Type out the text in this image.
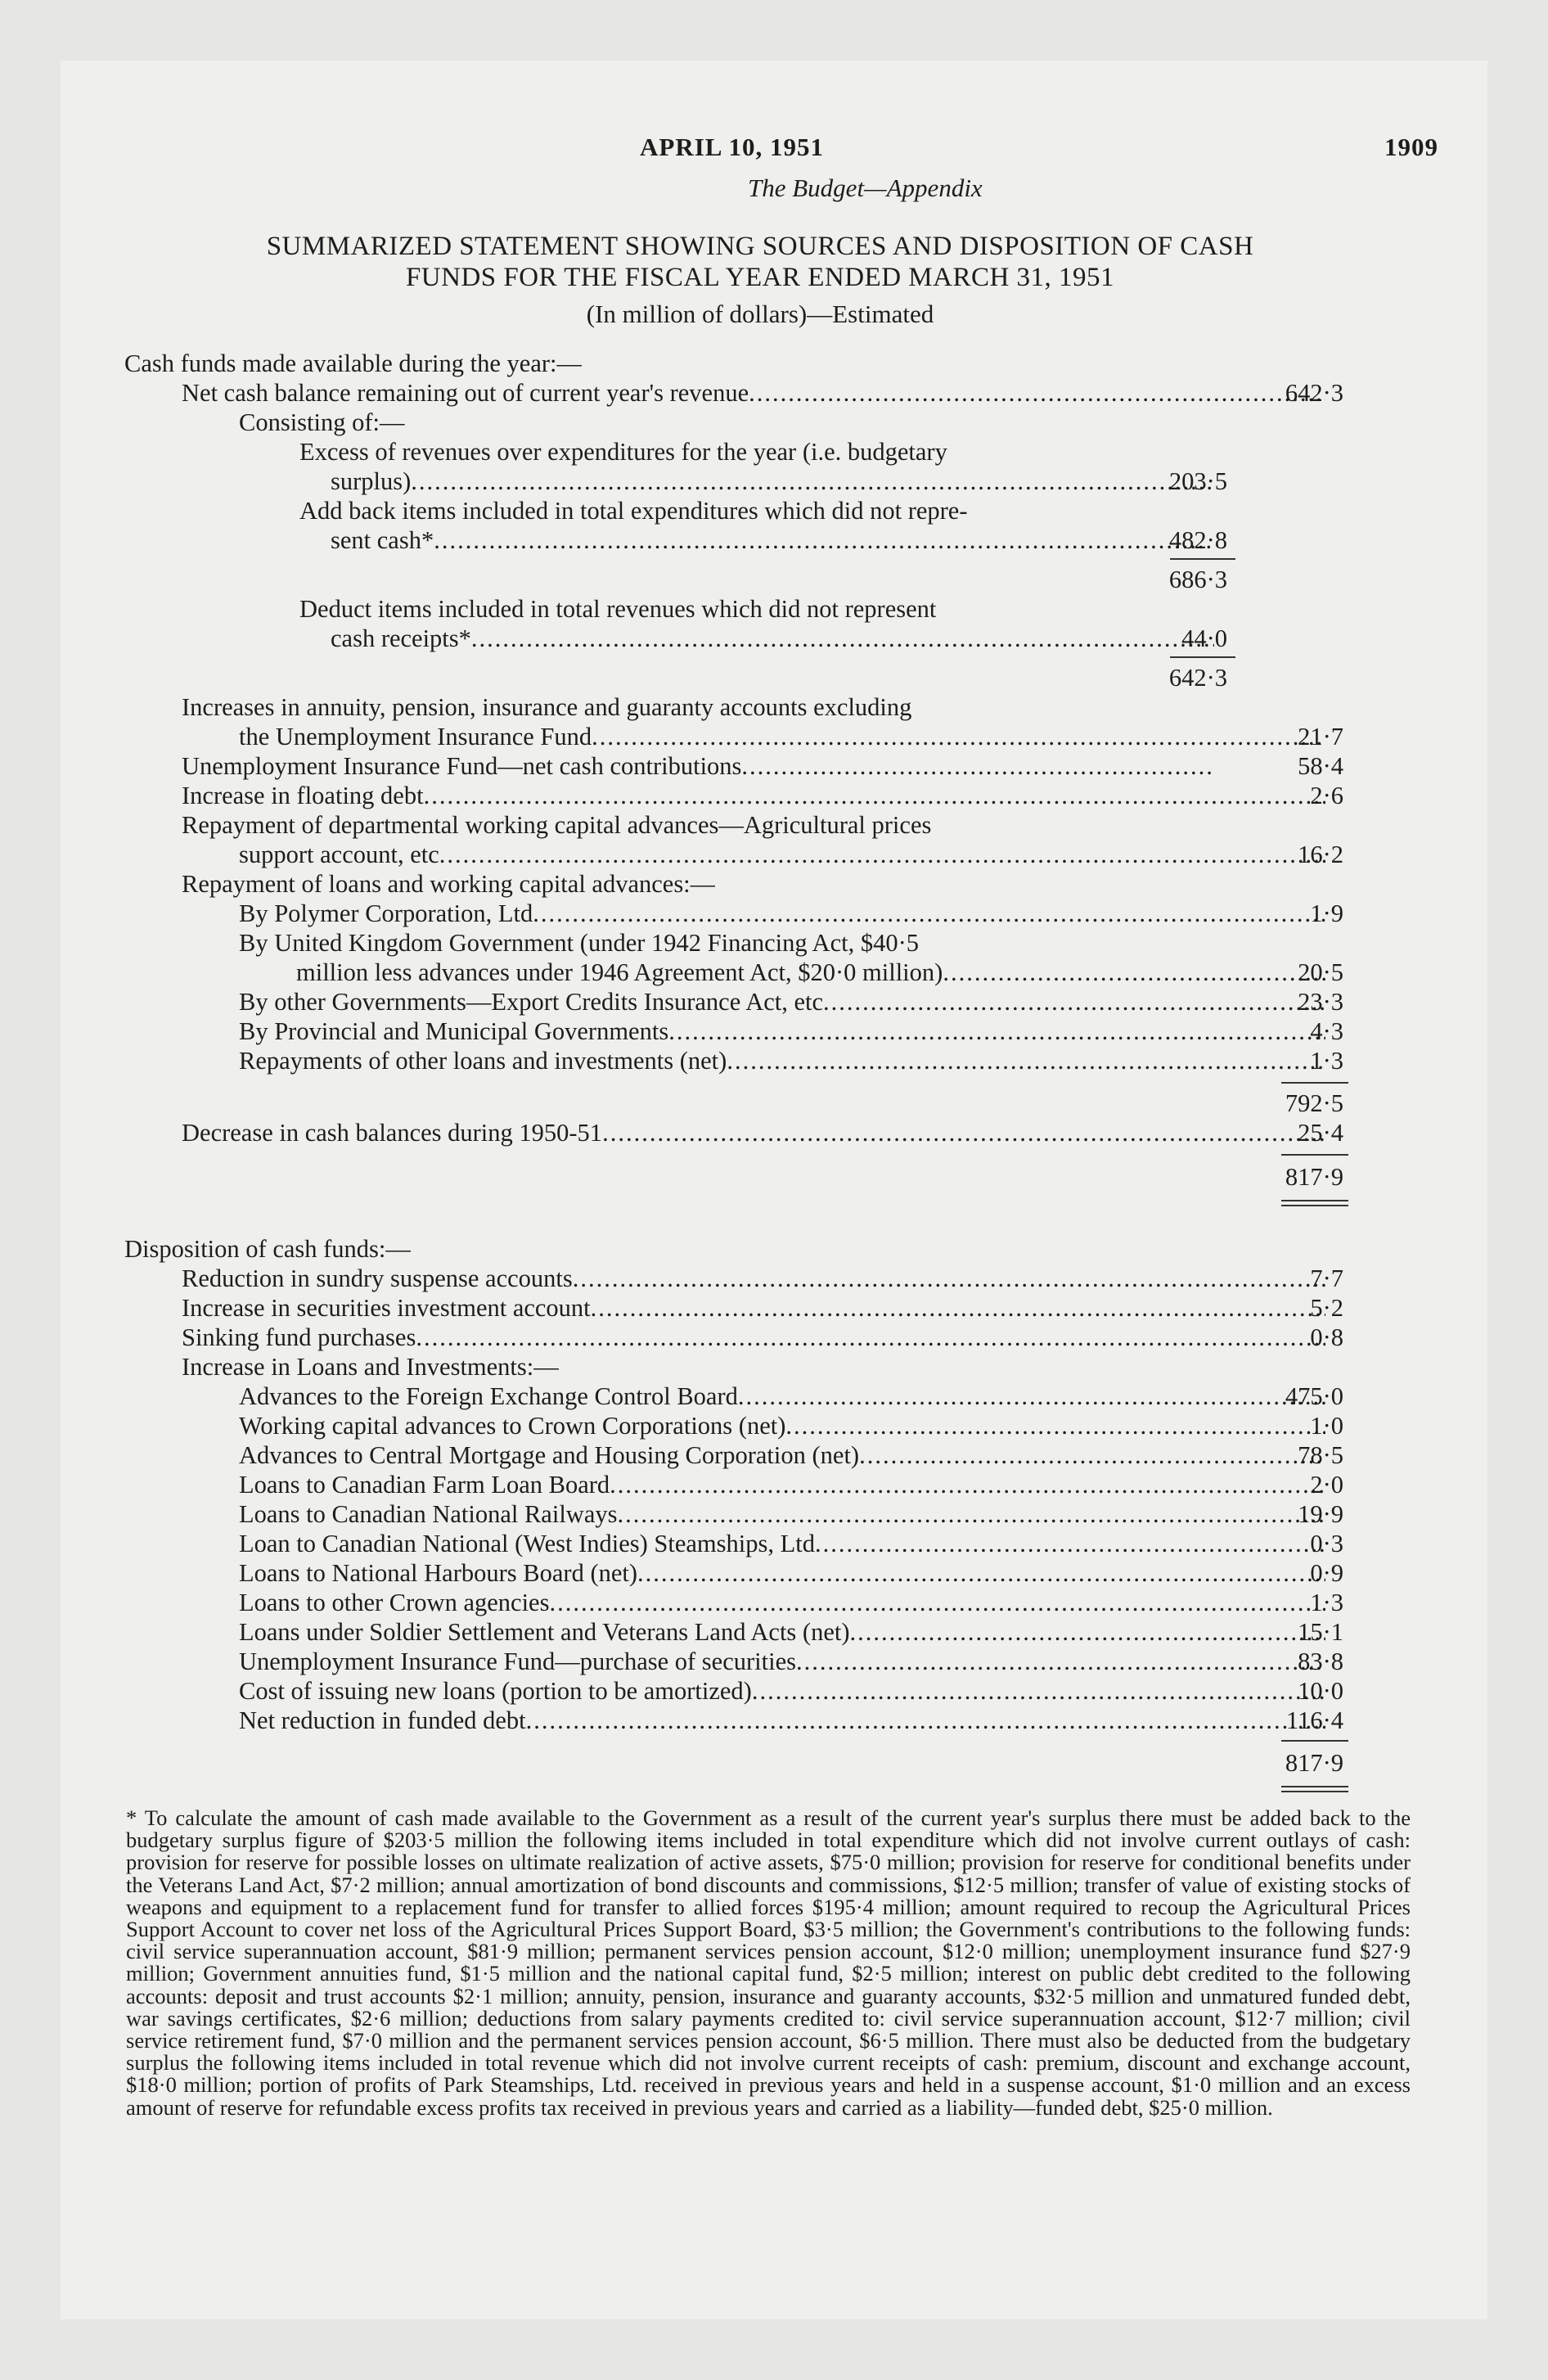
APRIL 10, 1951	1909
The Budget—Appendix
SUMMARIZED STATEMENT SHOWING SOURCES AND DISPOSITION OF CASH
FUNDS FOR THE FISCAL YEAR ENDED MARCH 31, 1951
(In million of dollars)—Estimated
Cash funds made available during the year:—
Net cash balance remaining out of current year's revenue .....	642·3
Consisting of:—
Excess of revenues over expenditures for the year (i.e. budgetary
surplus) .....	203·5
Add back items included in total expenditures which did not repre-
sent cash* .....	482·8
686·3
Deduct items included in total revenues which did not represent
cash receipts* .....	44·0
642·3
Increases in annuity, pension, insurance and guaranty accounts excluding
the Unemployment Insurance Fund .....	21·7
Unemployment Insurance Fund—net cash contributions .....	58·4
Increase in floating debt .....	2·6
Repayment of departmental working capital advances—Agricultural prices
support account, etc .....	16·2
Repayment of loans and working capital advances:—
By Polymer Corporation, Ltd .....	1·9
By United Kingdom Government (under 1942 Financing Act, $40·5
million less advances under 1946 Agreement Act, $20·0 million) .....	20·5
By other Governments—Export Credits Insurance Act, etc .....	23·3
By Provincial and Municipal Governments .....	4·3
Repayments of other loans and investments (net) .....	1·3
792·5
Decrease in cash balances during 1950-51 .....	25·4
817·9
Disposition of cash funds:—
Reduction in sundry suspense accounts .....	7·7
Increase in securities investment account .....	5·2
Sinking fund purchases .....	0·8
Increase in Loans and Investments:—
Advances to the Foreign Exchange Control Board .....	475·0
Working capital advances to Crown Corporations (net) .....	1·0
Advances to Central Mortgage and Housing Corporation (net) .....	78·5
Loans to Canadian Farm Loan Board .....	2·0
Loans to Canadian National Railways .....	19·9
Loan to Canadian National (West Indies) Steamships, Ltd .....	0·3
Loans to National Harbours Board (net) .....	0·9
Loans to other Crown agencies .....	1·3
Loans under Soldier Settlement and Veterans Land Acts (net) .....	15·1
Unemployment Insurance Fund—purchase of securities .....	83·8
Cost of issuing new loans (portion to be amortized) .....	10·0
Net reduction in funded debt .....	116·4
817·9
* To calculate the amount of cash made available to the Government as a result of the current year's surplus there must be added back to the budgetary surplus figure of $203·5 million the following items included in total expenditure which did not involve current outlays of cash: provision for reserve for possible losses on ultimate realization of active assets, $75·0 million; provision for reserve for conditional benefits under the Veterans Land Act, $7·2 million; annual amortization of bond discounts and commissions, $12·5 million; transfer of value of existing stocks of weapons and equipment to a replacement fund for transfer to allied forces $195·4 million; amount required to recoup the Agricultural Prices Support Account to cover net loss of the Agricultural Prices Support Board, $3·5 million; the Government's contributions to the following funds: civil service superannuation account, $81·9 million; permanent services pension account, $12·0 million; unemployment insurance fund $27·9 million; Government annuities fund, $1·5 million and the national capital fund, $2·5 million; interest on public debt credited to the following accounts: deposit and trust accounts $2·1 million; annuity, pension, insurance and guaranty accounts, $32·5 million and unmatured funded debt, war savings certificates, $2·6 million; deductions from salary payments credited to: civil service superannuation account, $12·7 million; civil service retirement fund, $7·0 million and the permanent services pension account, $6·5 million. There must also be deducted from the budgetary surplus the following items included in total revenue which did not involve current receipts of cash: premium, discount and exchange account, $18·0 million; portion of profits of Park Steamships, Ltd. received in previous years and held in a suspense account, $1·0 million and an excess amount of reserve for refundable excess profits tax received in previous years and carried as a liability—funded debt, $25·0 million.
